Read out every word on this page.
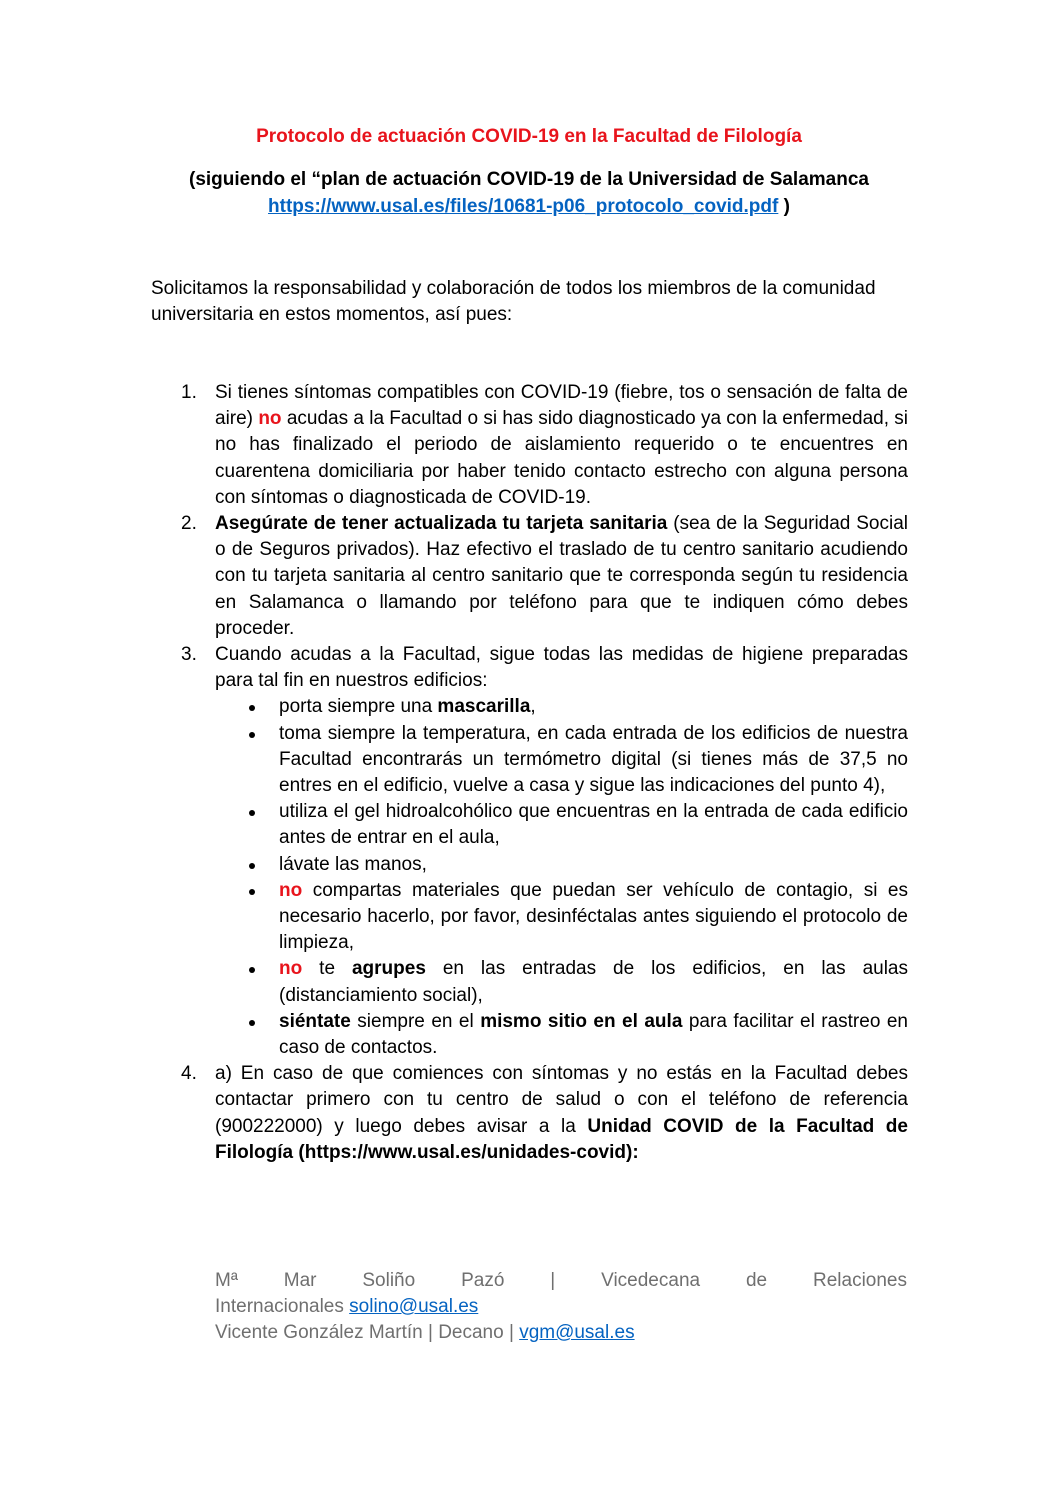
Protocolo de actuación COVID-19 en la Facultad de Filología
(siguiendo el “plan de actuación COVID-19 de la Universidad de Salamanca https://www.usal.es/files/10681-p06_protocolo_covid.pdf )
Solicitamos la responsabilidad y colaboración de todos los miembros de la comunidad universitaria en estos momentos, así pues:
1. Si tienes síntomas compatibles con COVID-19 (fiebre, tos o sensación de falta de aire) no acudas a la Facultad o si has sido diagnosticado ya con la enfermedad, si no has finalizado el periodo de aislamiento requerido o te encuentres en cuarentena domiciliaria por haber tenido contacto estrecho con alguna persona con síntomas o diagnosticada de COVID-19.
2. Asegúrate de tener actualizada tu tarjeta sanitaria (sea de la Seguridad Social o de Seguros privados). Haz efectivo el traslado de tu centro sanitario acudiendo con tu tarjeta sanitaria al centro sanitario que te corresponda según tu residencia en Salamanca o llamando por teléfono para que te indiquen cómo debes proceder.
3. Cuando acudas a la Facultad, sigue todas las medidas de higiene preparadas para tal fin en nuestros edificios:
porta siempre una mascarilla,
toma siempre la temperatura, en cada entrada de los edificios de nuestra Facultad encontrarás un termómetro digital (si tienes más de 37,5 no entres en el edificio, vuelve a casa y sigue las indicaciones del punto 4),
utiliza el gel hidroalcohólico que encuentras en la entrada de cada edificio antes de entrar en el aula,
lávate las manos,
no compartas materiales que puedan ser vehículo de contagio, si es necesario hacerlo, por favor, desinféctalas antes siguiendo el protocolo de limpieza,
no te agrupes en las entradas de los edificios, en las aulas (distanciamiento social),
siéntate siempre en el mismo sitio en el aula para facilitar el rastreo en caso de contactos.
4. a) En caso de que comiences con síntomas y no estás en la Facultad debes contactar primero con tu centro de salud o con el teléfono de referencia (900222000) y luego debes avisar a la Unidad COVID de la Facultad de Filología (https://www.usal.es/unidades-covid):
Mª Mar Soliño Pazó | Vicedecana de Relaciones
Internacionales solino@usal.es
Vicente González Martín | Decano | vgm@usal.es
